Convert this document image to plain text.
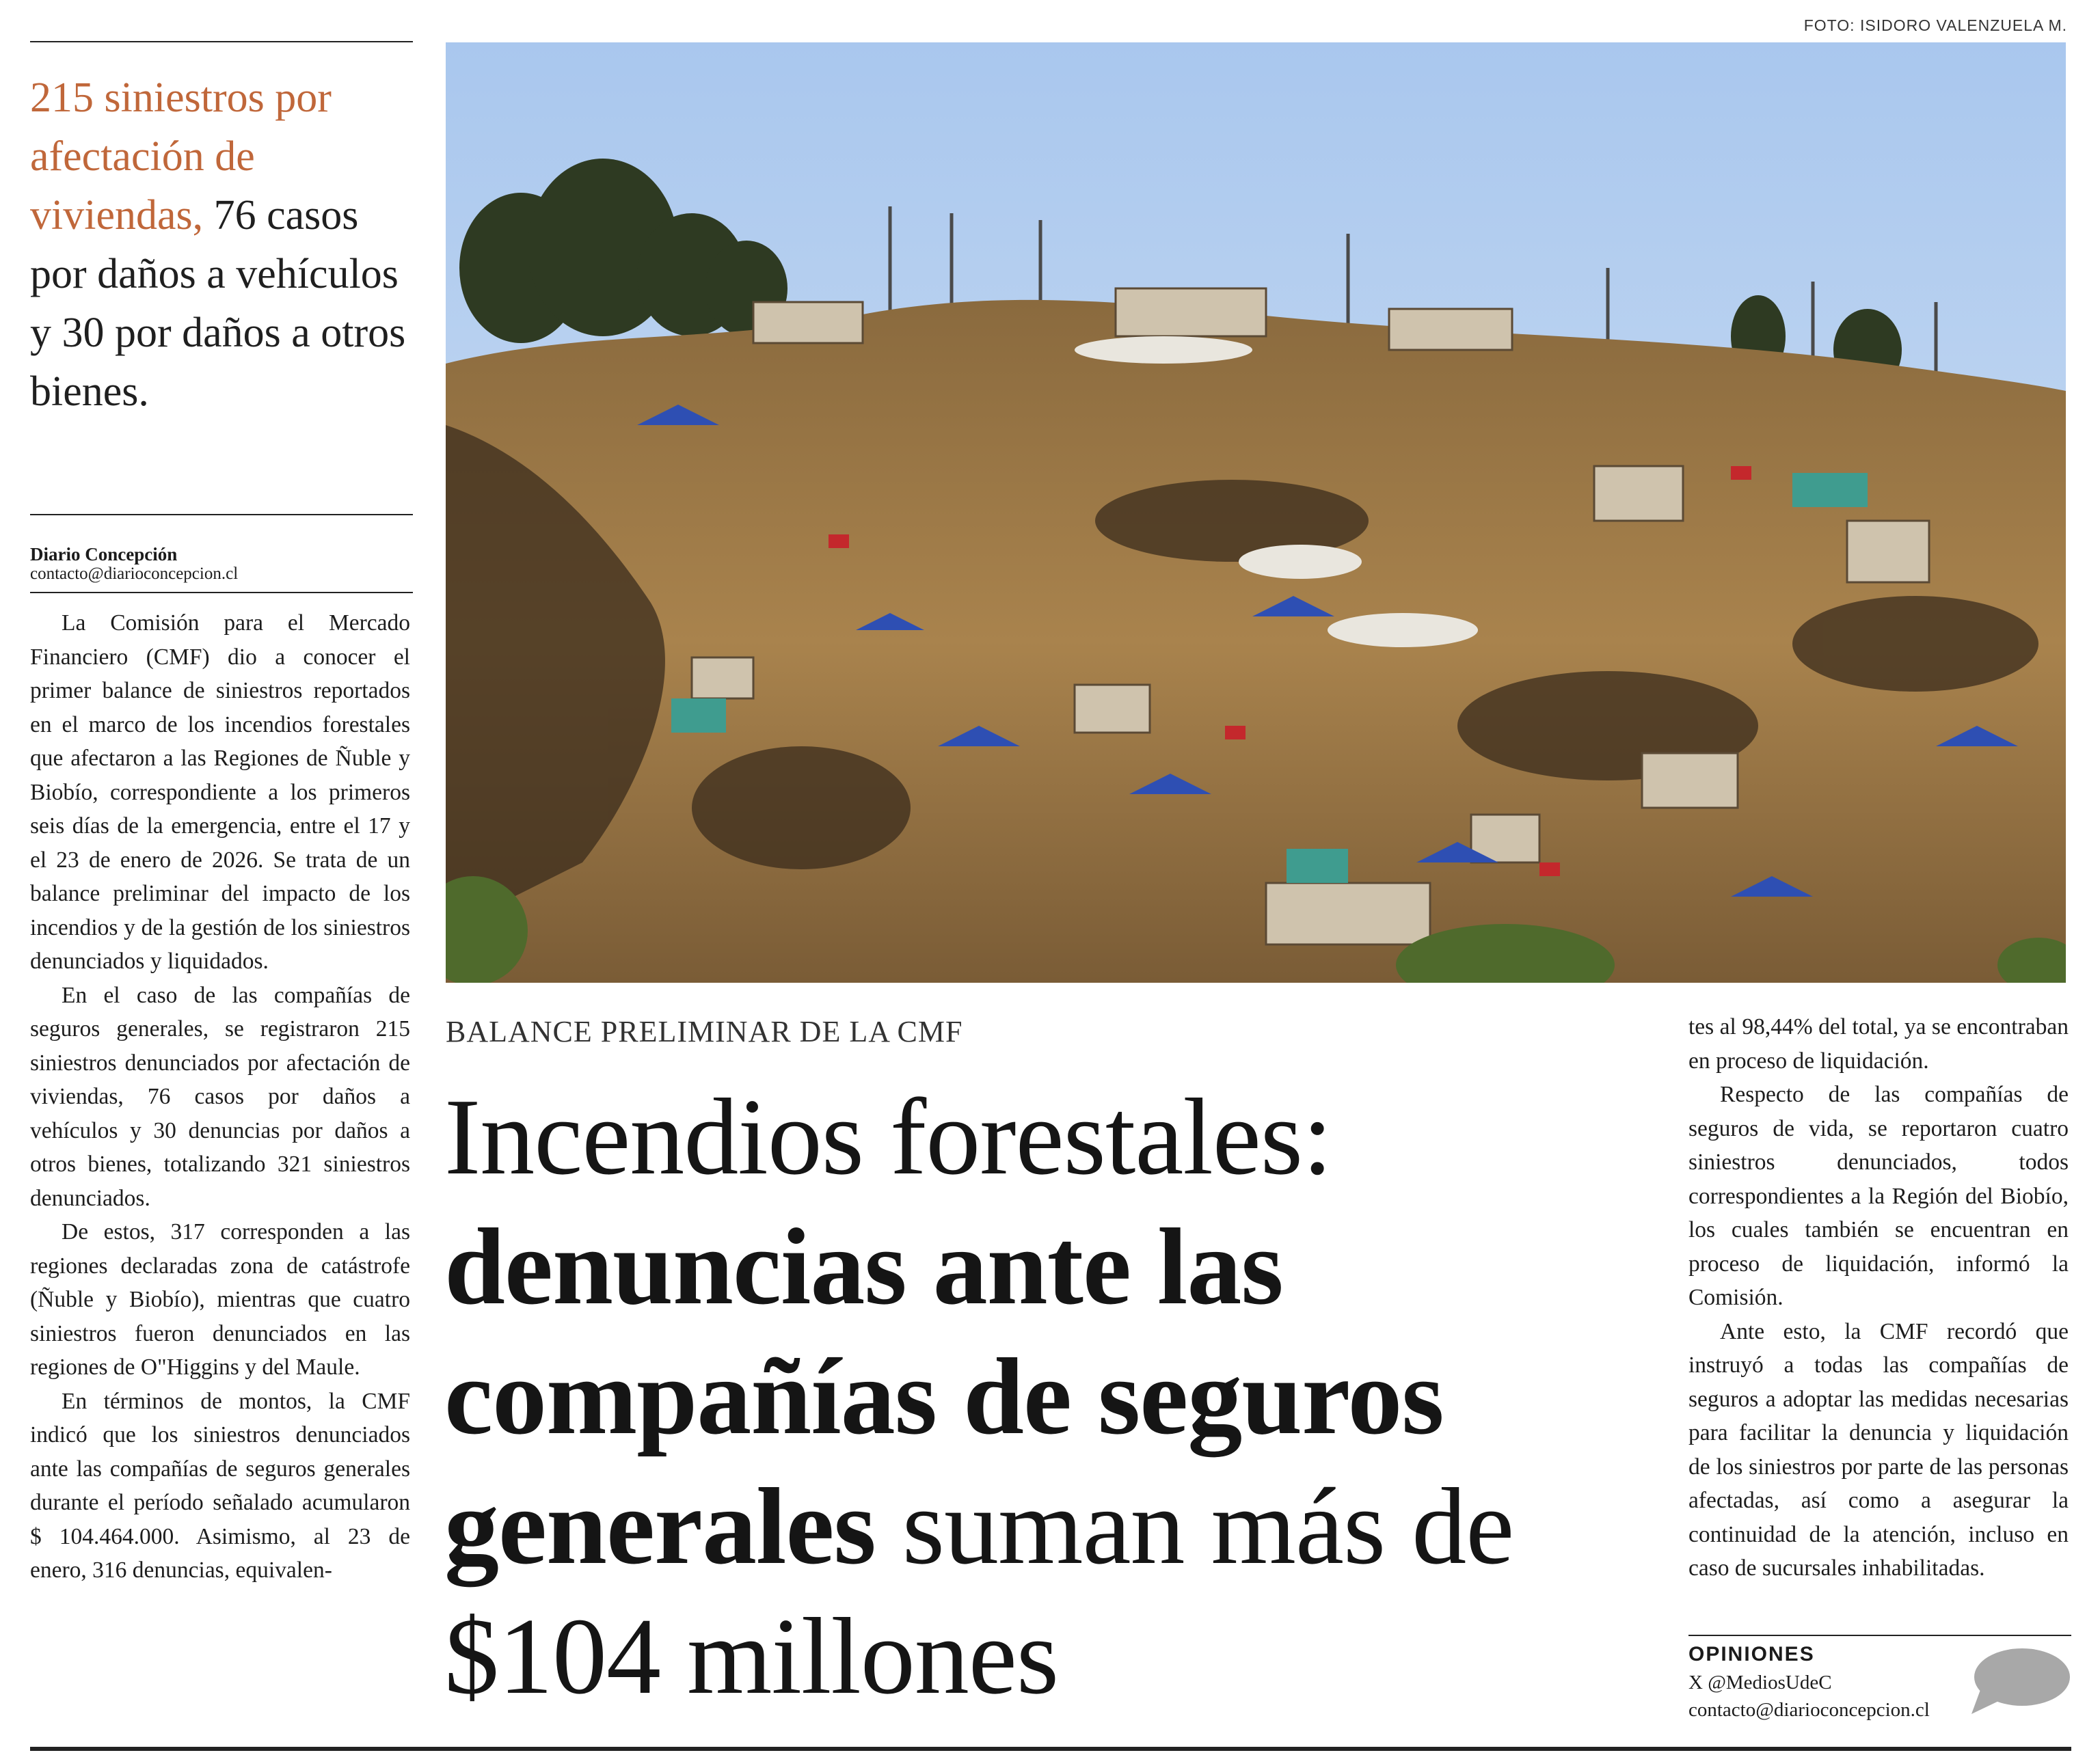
215 siniestros por afectación de viviendas, 76 casos por daños a vehículos y 30 por daños a otros bienes.
Diario Concepción
contacto@diarioconcepcion.cl

La Comisión para el Mercado Financiero (CMF) dio a conocer el primer balance de siniestros reportados en el marco de los incendios forestales que afectaron a las Regiones de Ñuble y Biobío, correspondiente a los primeros seis días de la emergencia, entre el 17 y el 23 de enero de 2026. Se trata de un balance preliminar del impacto de los incendios y de la gestión de los siniestros denunciados y liquidados.

En el caso de las compañías de seguros generales, se registraron 215 siniestros denunciados por afectación de viviendas, 76 casos por daños a vehículos y 30 denuncias por daños a otros bienes, totalizando 321 siniestros denunciados.

De estos, 317 corresponden a las regiones declaradas zona de catástrofe (Ñuble y Biobío), mientras que cuatro siniestros fueron denunciados en las regiones de O"Higgins y del Maule.

En términos de montos, la CMF indicó que los siniestros denunciados ante las compañías de seguros generales durante el período señalado acumularon $ 104.464.000. Asimismo, al 23 de enero, 316 denuncias, equivalen-

FOTO: ISIDORO VALENZUELA M.
BALANCE PRELIMINAR DE LA CMF
Incendios forestales: denuncias ante las compañías de seguros generales suman más de $104 millones

tes al 98,44% del total, ya se encontraban en proceso de liquidación.

Respecto de las compañías de seguros de vida, se reportaron cuatro siniestros denunciados, todos correspondientes a la Región del Biobío, los cuales también se encuentran en proceso de liquidación, informó la Comisión.

Ante esto, la CMF recordó que instruyó a todas las compañías de seguros a adoptar las medidas necesarias para facilitar la denuncia y liquidación de los siniestros por parte de las personas afectadas, así como a asegurar la continuidad de la atención, incluso en caso de sucursales inhabilitadas.

OPINIONES
X @MediosUdeC
contacto@diarioconcepcion.cl
